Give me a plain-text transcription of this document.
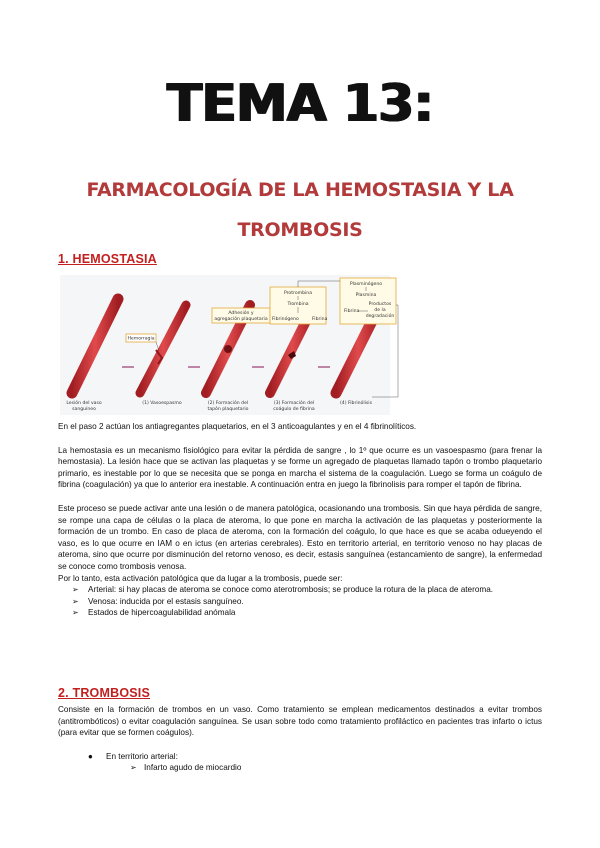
TEMA 13:
FARMACOLOGÍA DE LA HEMOSTASIA Y LA TROMBOSIS
1. HEMOSTASIA
Hemorragia
Adhesión y
agregación plaquetaria
Protrombina
Trombina
Fibrinógeno	Fibrina
Plasminógeno
Plasmina
Fibrina
Productos
de la
degradación
Lesión del vaso
sanguíneo
(1) Vasoespasmo	(2) Formación del
tapón plaquetario
(3) Formación del
coágulo de fibrina
(4) Fibrinólisis

En el paso 2 actúan los antiagregantes plaquetarios, en el 3 anticoagulantes y en el 4 fibrinolíticos.

La hemostasia es un mecanismo fisiológico para evitar la pérdida de sangre , lo 1º que ocurre es un vasoespasmo (para frenar la hemostasia). La lesión hace que se activan las plaquetas y se forme un agregado de plaquetas llamado tapón o trombo plaquetario primario, es inestable por lo que se necesita que se ponga en marcha el sistema de la coagulación. Luego se forma un coágulo de fibrina (coagulación) ya que lo anterior era inestable. A continuación entra en juego la fibrinolisis para romper el tapón de fibrina.

Este proceso se puede activar ante una lesión o de manera patológica, ocasionando una trombosis. Sin que haya pérdida de sangre, se rompe una capa de células o la placa de ateroma, lo que pone en marcha la activación de las plaquetas y posteriormente la formación de un trombo. En caso de placa de ateroma, con la formación del coágulo, lo que hace es que se acaba odueyendo el vaso, es lo que ocurre en IAM o en ictus (en arterias cerebrales). Esto en territorio arterial, en territorio venoso no hay placas de ateroma, sino que ocurre por disminución del retorno venoso, es decir, estasis sanguínea (estancamiento de sangre), la enfermedad se conoce como trombosis venosa.

Por lo tanto, esta activación patológica que da lugar a la trombosis, puede ser:

➢ Arterial: si hay placas de ateroma se conoce como aterotrombosis; se produce la rotura de la placa de ateroma.
➢ Venosa: inducida por el estasis sanguíneo.
➢ Estados de hipercoagulabilidad anómala
2. TROMBOSIS

Consiste en la formación de trombos en un vaso. Como tratamiento se emplean medicamentos destinados a evitar trombos (antitrombóticos) o evitar coagulación sanguínea. Se usan sobre todo como tratamiento profiláctico en pacientes tras infarto o ictus (para evitar que se formen coágulos).

● En territorio arterial:
➢ Infarto agudo de miocardio
